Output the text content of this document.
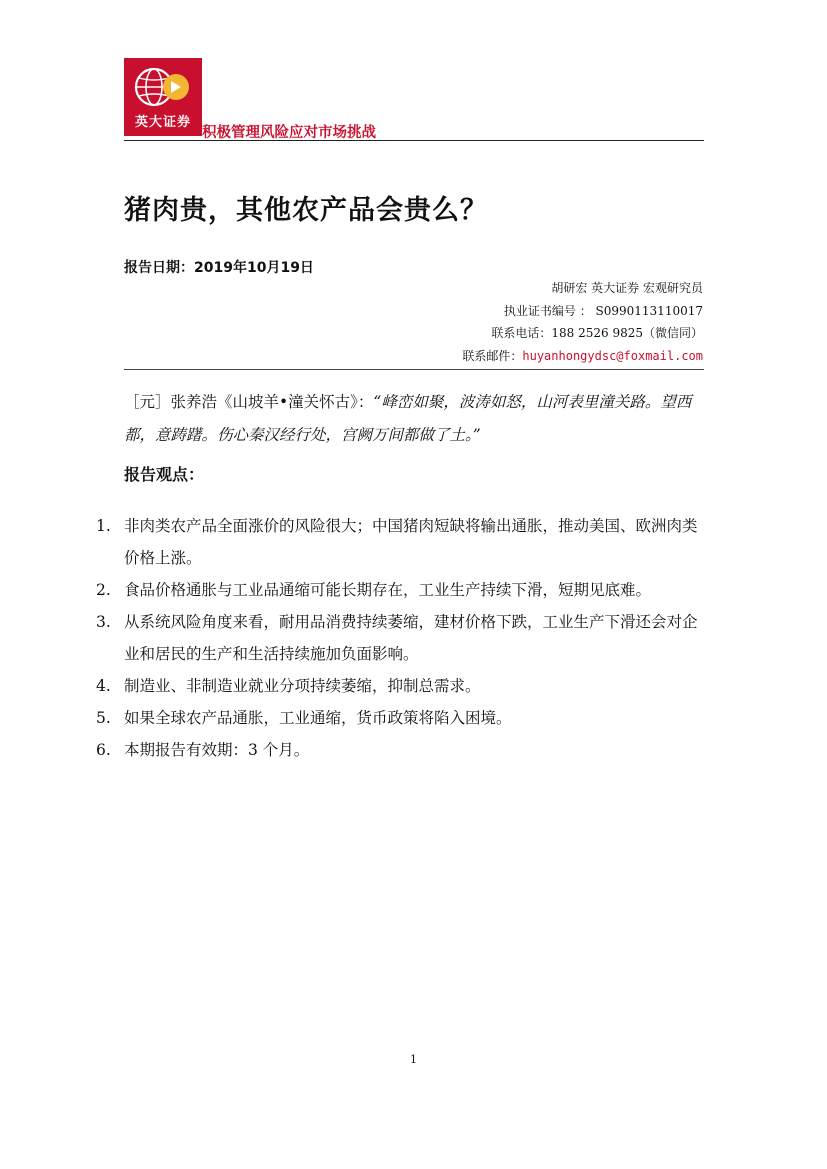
英大证券
积极管理风险应对市场挑战
猪肉贵，其他农产品会贵么？
报告日期：2019年10月19日
胡研宏 英大证券 宏观研究员
执业证书编号 ： S0990113110017
联系电话：188 2526 9825（微信同）
联系邮件：huyanhongydsc@foxmail.com
［元］张养浩《山坡羊•潼关怀古》：“峰峦如聚，波涛如怒，山河表里潼关路。望西都，意踌躇。伤心秦汉经行处，宫阙万间都做了土。”
报告观点：
1. 非肉类农产品全面涨价的风险很大；中国猪肉短缺将输出通胀，推动美国、欧洲肉类价格上涨。
2. 食品价格通胀与工业品通缩可能长期存在，工业生产持续下滑，短期见底难。
3. 从系统风险角度来看，耐用品消费持续萎缩，建材价格下跌，工业生产下滑还会对企业和居民的生产和生活持续施加负面影响。
4. 制造业、非制造业就业分项持续萎缩，抑制总需求。
5. 如果全球农产品通胀，工业通缩，货币政策将陷入困境。
6. 本期报告有效期：3 个月。
1
